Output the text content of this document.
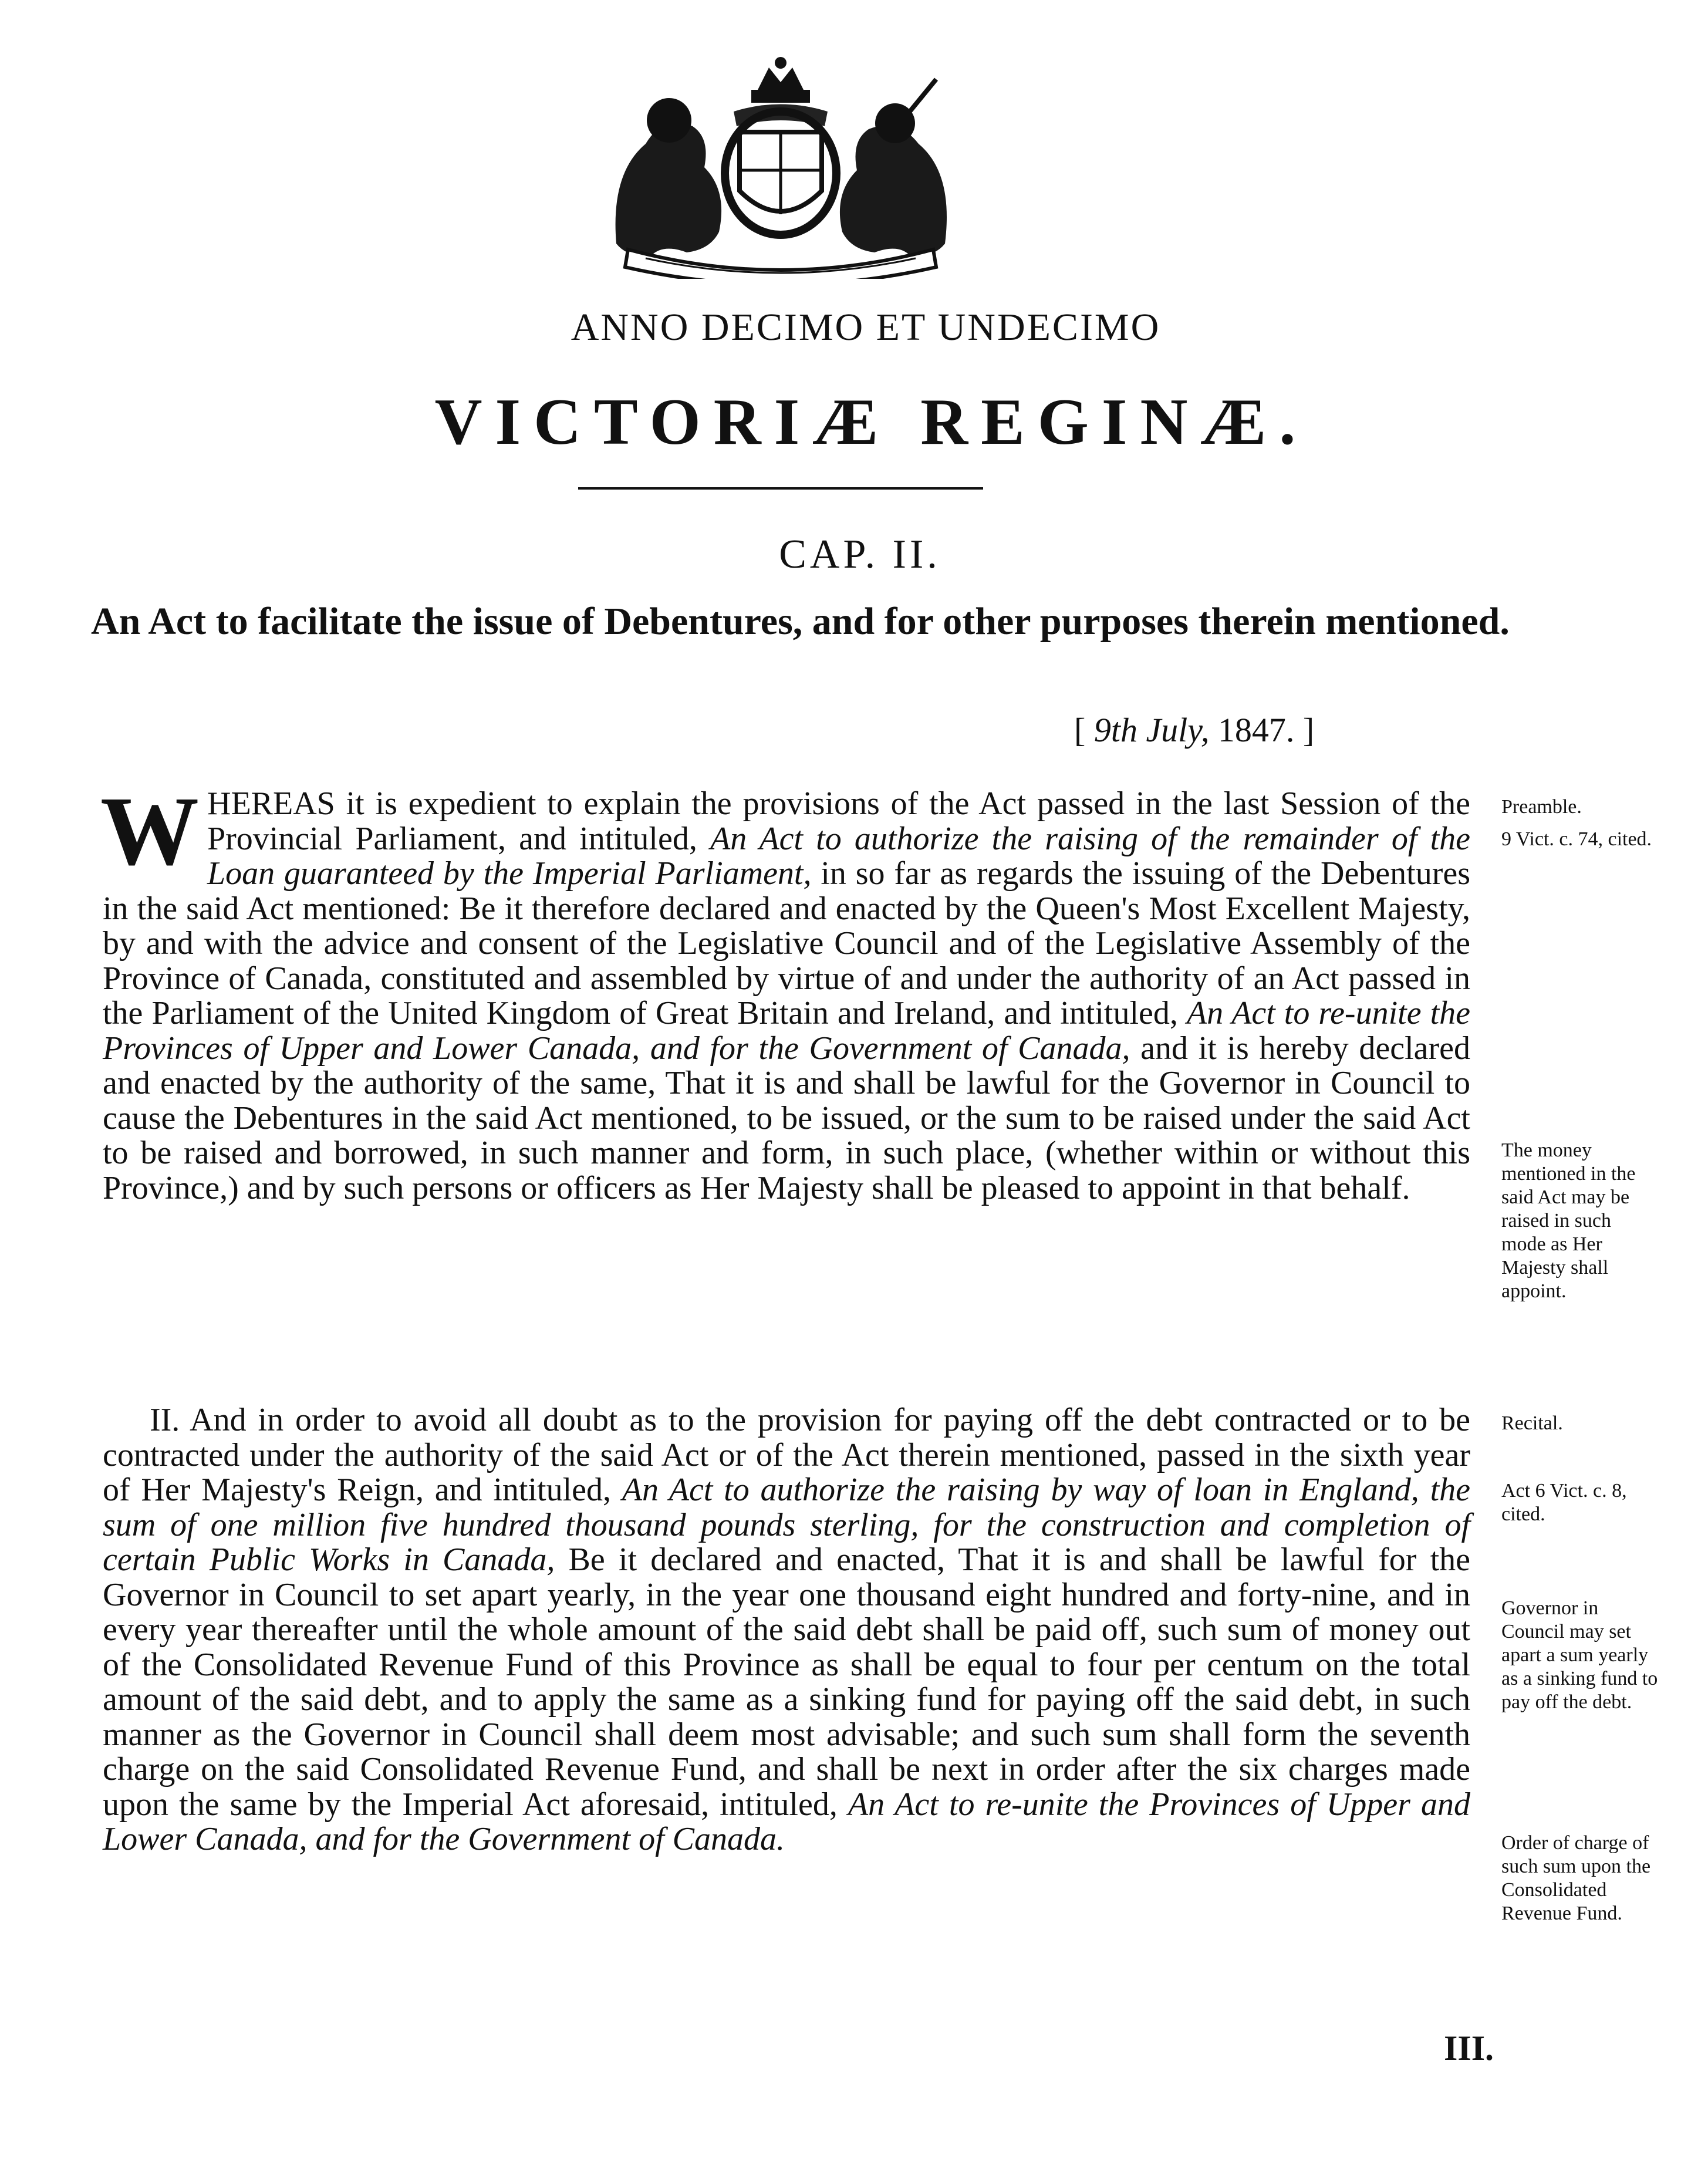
ANNO DECIMO ET UNDECIMO
VICTORIÆ REGINÆ.
CAP. II.
An Act to facilitate the issue of Debentures, and for other purposes therein mentioned.
[ 9th July, 1847. ]
WHEREAS it is expedient to explain the provisions of the Act passed in the last Session of the Provincial Parliament, and intituled, An Act to authorize the raising of the remainder of the Loan guaranteed by the Imperial Parliament, in so far as regards the issuing of the Debentures in the said Act mentioned: Be it therefore declared and enacted by the Queen's Most Excellent Majesty, by and with the advice and consent of the Legislative Council and of the Legislative Assembly of the Province of Canada, constituted and assembled by virtue of and under the authority of an Act passed in the Parliament of the United Kingdom of Great Britain and Ireland, and intituled, An Act to re-unite the Provinces of Upper and Lower Canada, and for the Government of Canada, and it is hereby declared and enacted by the authority of the same, That it is and shall be lawful for the Governor in Council to cause the Debentures in the said Act mentioned, to be issued, or the sum to be raised under the said Act to be raised and borrowed, in such manner and form, in such place, (whether within or without this Province,) and by such persons or officers as Her Majesty shall be pleased to appoint in that behalf.
II. And in order to avoid all doubt as to the provision for paying off the debt contracted or to be contracted under the authority of the said Act or of the Act therein mentioned, passed in the sixth year of Her Majesty's Reign, and intituled, An Act to authorize the raising by way of loan in England, the sum of one million five hundred thousand pounds sterling, for the construction and completion of certain Public Works in Canada, Be it declared and enacted, That it is and shall be lawful for the Governor in Council to set apart yearly, in the year one thousand eight hundred and forty-nine, and in every year thereafter until the whole amount of the said debt shall be paid off, such sum of money out of the Consolidated Revenue Fund of this Province as shall be equal to four per centum on the total amount of the said debt, and to apply the same as a sinking fund for paying off the said debt, in such manner as the Governor in Council shall deem most advisable; and such sum shall form the seventh charge on the said Consolidated Revenue Fund, and shall be next in order after the six charges made upon the same by the Imperial Act aforesaid, intituled, An Act to re-unite the Provinces of Upper and Lower Canada, and for the Government of Canada.
Preamble.
9 Vict. c. 74, cited.
The money mentioned in the said Act may be raised in such mode as Her Majesty shall appoint.
Recital.
Act 6 Vict. c. 8, cited.
Governor in Council may set apart a sum yearly as a sinking fund to pay off the debt.
Order of charge of such sum upon the Consolidated Revenue Fund.
III.
